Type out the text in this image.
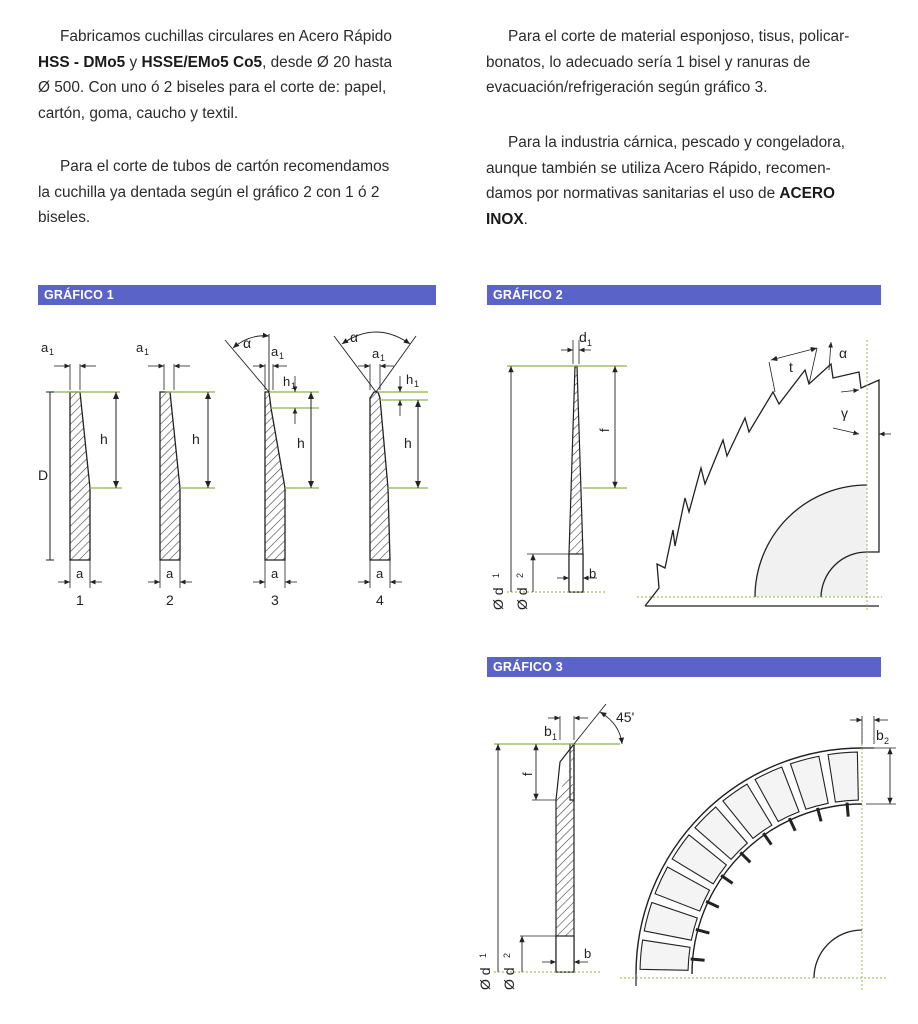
Fabricamos cuchillas circulares en Acero Rápido
HSS - DMo5 y HSSE/EMo5 Co5, desde Ø 20 hasta
Ø 500. Con uno ó 2 biseles para el corte de: papel,
cartón, goma, caucho y textil.

Para el corte de tubos de cartón recomendamos
la cuchilla ya dentada según el gráfico 2 con 1 ó 2
biseles.

Para el corte de material esponjoso, tisus, policar-
bonatos, lo adecuado sería 1 bisel y ranuras de
evacuación/refrigeración según gráfico 3.

Para la industria cárnica, pescado y congeladora,
aunque también se utiliza Acero Rápido, recomen-
damos por normativas sanitarias el uso de ACERO
INOX.

GRÁFICO 1	GRÁFICO 2
GRÁFICO 3
a 1
h
D
a
1
a 1
h
a
2
α
a 1
h 1
h
a
3
α
a 1
h 1
h
a
4
d 1
f
b
Ø d
1
Ø d
2
t
α
γ
b 1
45'
f
b
Ø d
1
Ø d
2
b 2
